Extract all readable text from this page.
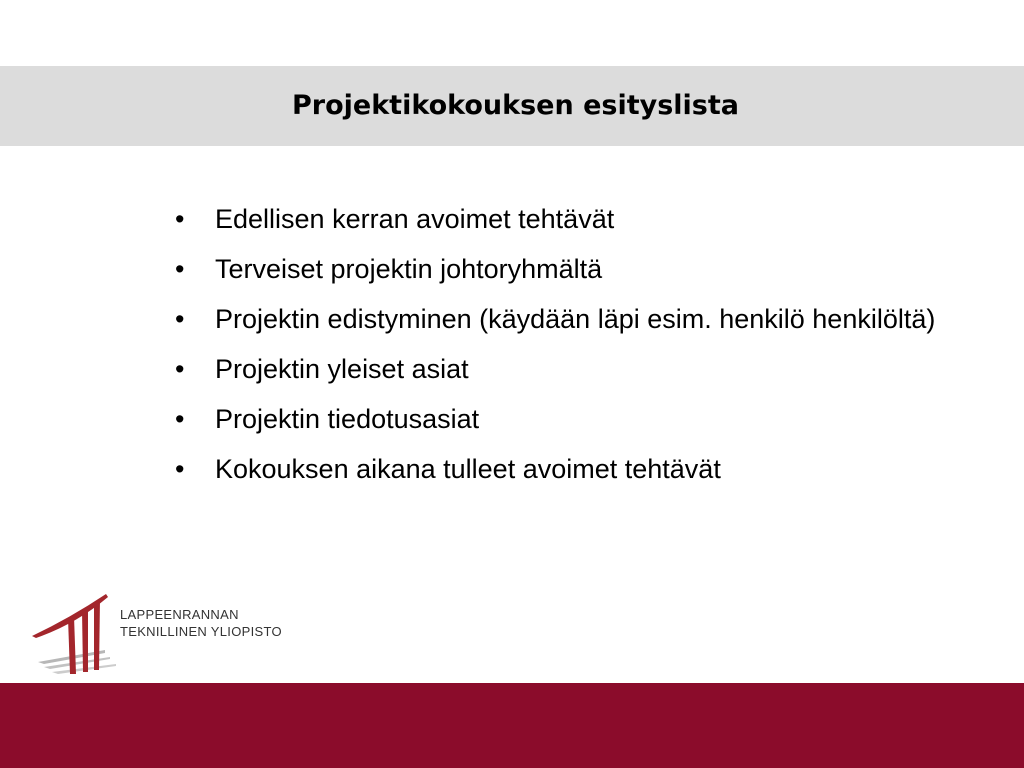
Projektikokouksen esityslista
•	Edellisen kerran avoimet tehtävät
•	Terveiset projektin johtoryhmältä
•	Projektin edistyminen (käydään läpi esim. henkilö henkilöltä)
•	Projektin yleiset asiat
•	Projektin tiedotusasiat
•	Kokouksen aikana tulleet avoimet tehtävät
LAPPEENRANNAN
TEKNILLINEN YLIOPISTO
